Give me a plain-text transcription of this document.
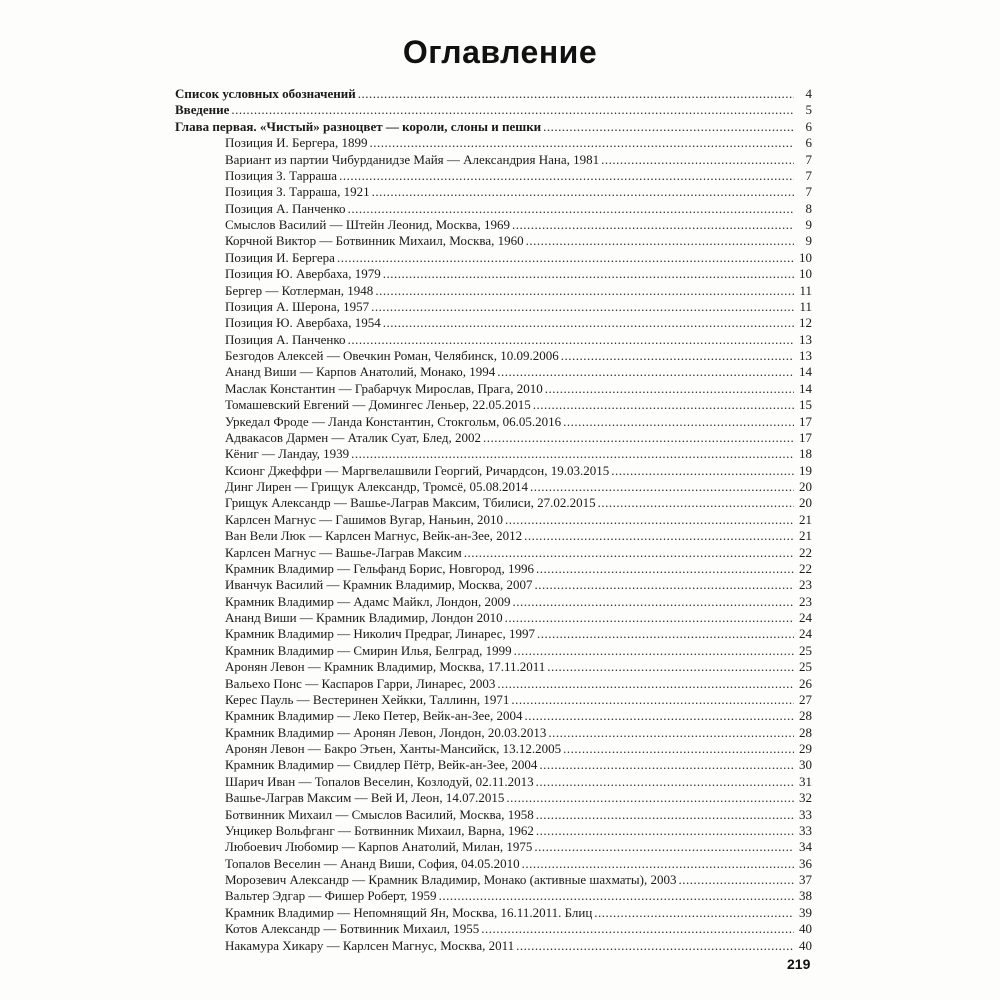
Оглавление
Список условных обозначений .....	4
Введение .....	5
Глава первая. «Чистый» разноцвет — короли, слоны и пешки .....	6
Позиция И. Бергера, 1899 .....	6
Вариант из партии Чибурданидзе Майя — Александрия Нана, 1981 .....	7
Позиция З. Тарраша .....	7
Позиция З. Тарраша, 1921 .....	7
Позиция А. Панченко .....	8
Смыслов Василий — Штейн Леонид, Москва, 1969 .....	9
Корчной Виктор — Ботвинник Михаил, Москва, 1960 .....	9
Позиция И. Бергера .....	10
Позиция Ю. Авербаха, 1979 .....	10
Бергер — Котлерман, 1948 .....	11
Позиция А. Шерона, 1957 .....	11
Позиция Ю. Авербаха, 1954 .....	12
Позиция А. Панченко .....	13
Безгодов Алексей — Овечкин Роман, Челябинск, 10.09.2006 .....	13
Ананд Виши — Карпов Анатолий, Монако, 1994 .....	14
Маслак Константин — Грабарчук Мирослав, Прага, 2010 .....	14
Томашевский Евгений — Домингес Леньер, 22.05.2015 .....	15
Уркедал Фроде — Ланда Константин, Стокгольм, 06.05.2016 .....	17
Адвакасов Дармен — Аталик Суат, Блед, 2002 .....	17
Кёниг — Ландау, 1939 .....	18
Ксионг Джеффри — Маргвелашвили Георгий, Ричардсон, 19.03.2015 .....	19
Динг Лирен — Грищук Александр, Тромсё, 05.08.2014 .....	20
Грищук Александр — Вашье-Лаграв Максим, Тбилиси, 27.02.2015 .....	20
Карлсен Магнус — Гашимов Вугар, Наньин, 2010 .....	21
Ван Вели Люк — Карлсен Магнус, Вейк-ан-Зее, 2012 .....	21
Карлсен Магнус — Вашье-Лаграв Максим .....	22
Крамник Владимир — Гельфанд Борис, Новгород, 1996 .....	22
Иванчук Василий — Крамник Владимир, Москва, 2007 .....	23
Крамник Владимир — Адамс Майкл, Лондон, 2009 .....	23
Ананд Виши — Крамник Владимир, Лондон 2010 .....	24
Крамник Владимир — Николич Предраг, Линарес, 1997 .....	24
Крамник Владимир — Смирин Илья, Белград, 1999 .....	25
Аронян Левон — Крамник Владимир, Москва, 17.11.2011 .....	25
Вальехо Понс — Каспаров Гарри, Линарес, 2003 .....	26
Керес Пауль — Вестеринен Хейкки, Таллинн, 1971 .....	27
Крамник Владимир — Леко Петер, Вейк-ан-Зее, 2004 .....	28
Крамник Владимир — Аронян Левон, Лондон, 20.03.2013 .....	28
Аронян Левон — Бакро Этьен, Ханты-Мансийск, 13.12.2005 .....	29
Крамник Владимир — Свидлер Пётр, Вейк-ан-Зее, 2004 .....	30
Шарич Иван — Топалов Веселин, Козлодуй, 02.11.2013 .....	31
Вашье-Лаграв Максим — Вей И, Леон, 14.07.2015 .....	32
Ботвинник Михаил — Смыслов Василий, Москва, 1958 .....	33
Унцикер Вольфганг — Ботвинник Михаил, Варна, 1962 .....	33
Любоевич Любомир — Карпов Анатолий, Милан, 1975 .....	34
Топалов Веселин — Ананд Виши, София, 04.05.2010 .....	36
Морозевич Александр — Крамник Владимир, Монако (активные шахматы), 2003 .....	37
Вальтер Эдгар — Фишер Роберт, 1959 .....	38
Крамник Владимир — Непомнящий Ян, Москва, 16.11.2011. Блиц .....	39
Котов Александр — Ботвинник Михаил, 1955 .....	40
Накамура Хикару — Карлсен Магнус, Москва, 2011 .....	40
219
